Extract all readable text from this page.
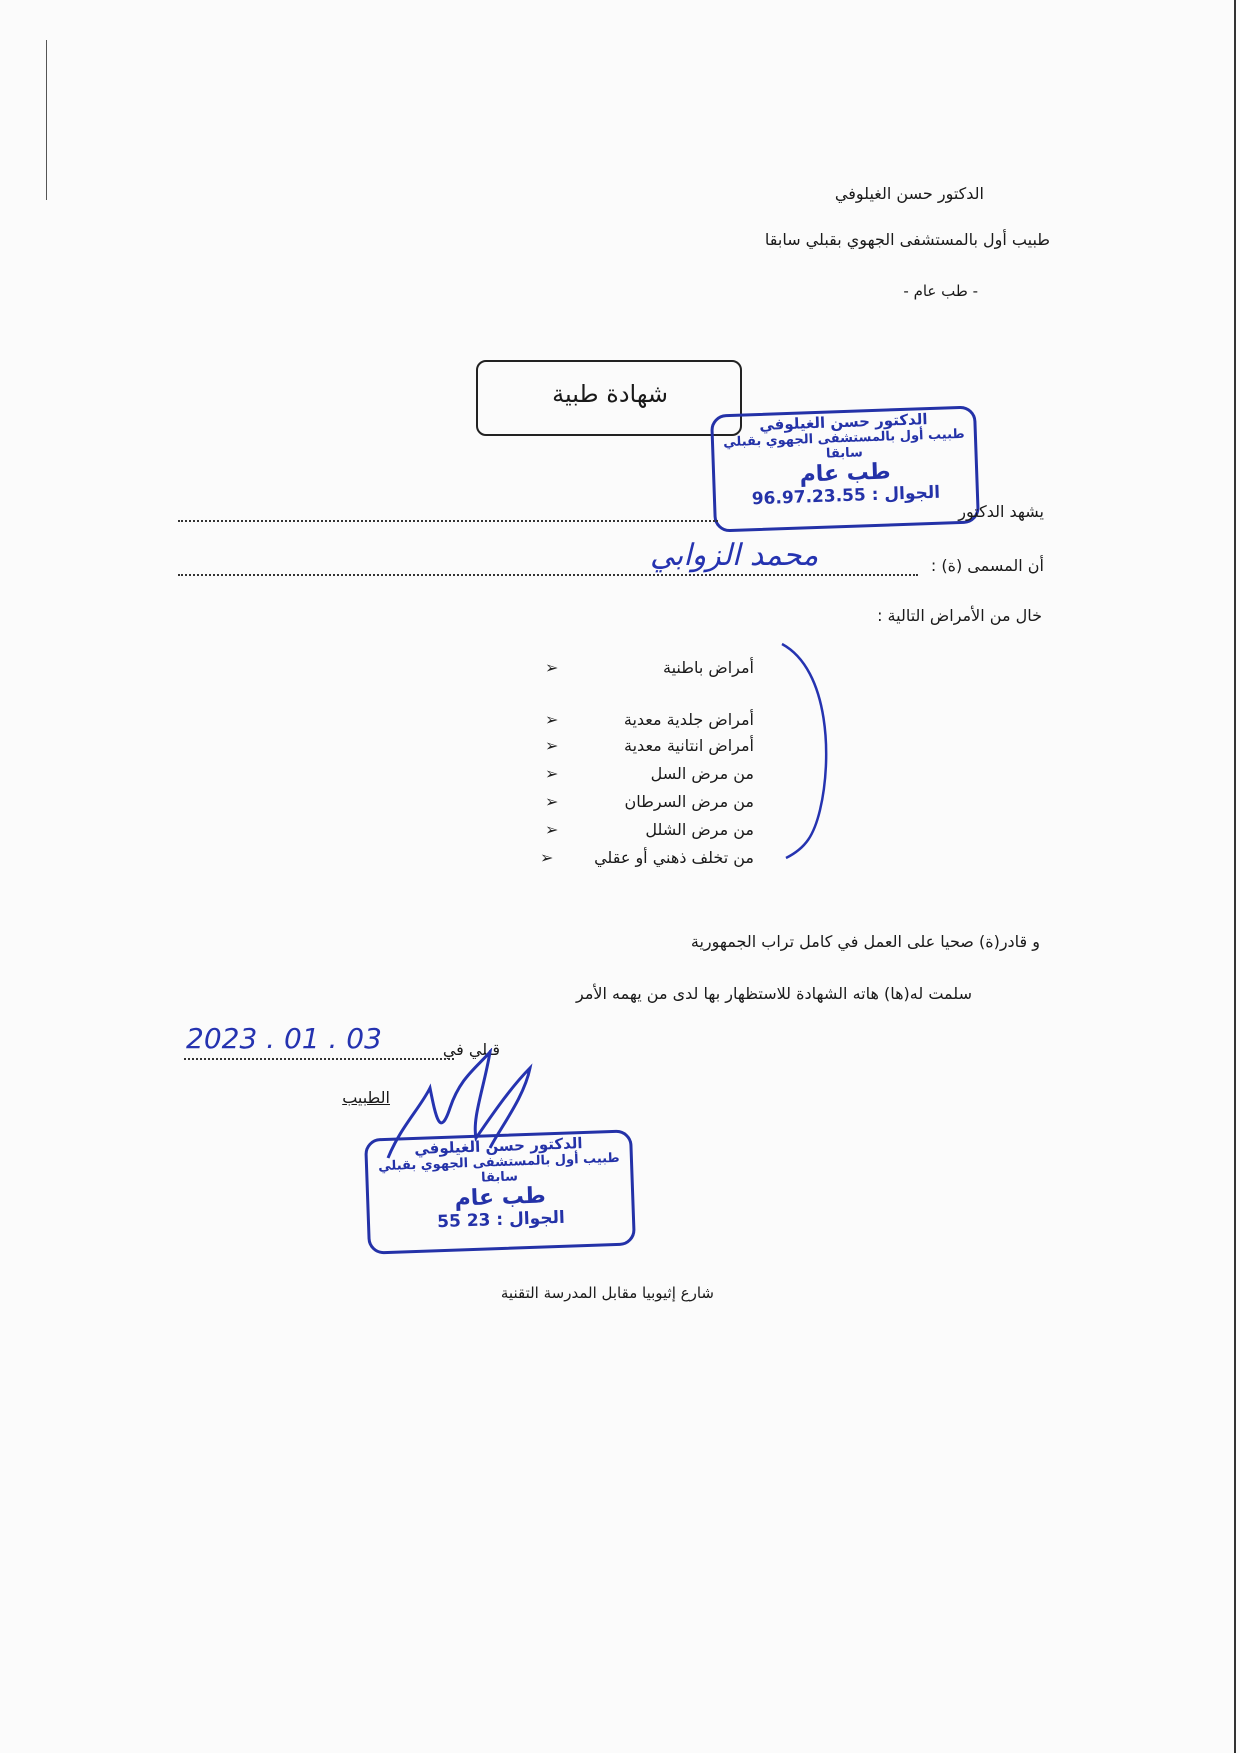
الدكتور حسن الغيلوفي
طبيب أول بالمستشفى الجهوي بقبلي سابقا
- طب عام -
شهادة طبية
الدكتور حسن الغيلوفي
طبيب أول بالمستشفى الجهوي بقبلي سابقا
طب عام
الجوال : 96.97.23.55
يشهد الدكتور
أن المسمى (ة) :
محمد الزوابي
خال من الأمراض التالية :
أمراض باطنية
➢
أمراض جلدية معدية
➢
أمراض انتانية معدية
➢
من مرض السل
➢
من مرض السرطان
➢
من مرض الشلل
➢
من تخلف ذهني أو عقلي
➢
و قادر(ة) صحيا على العمل في كامل تراب الجمهورية
سلمت له(ها) هاته الشهادة للاستظهار بها لدى من يهمه الأمر
قبلي في
2023 . 01 . 03
الطبيب
الدكتور حسن الغيلوفي
طبيب أول بالمستشفى الجهوي بقبلي سابقا
طب عام
الجوال : 23 55
شارع إثيوبيا مقابل المدرسة التقنية
